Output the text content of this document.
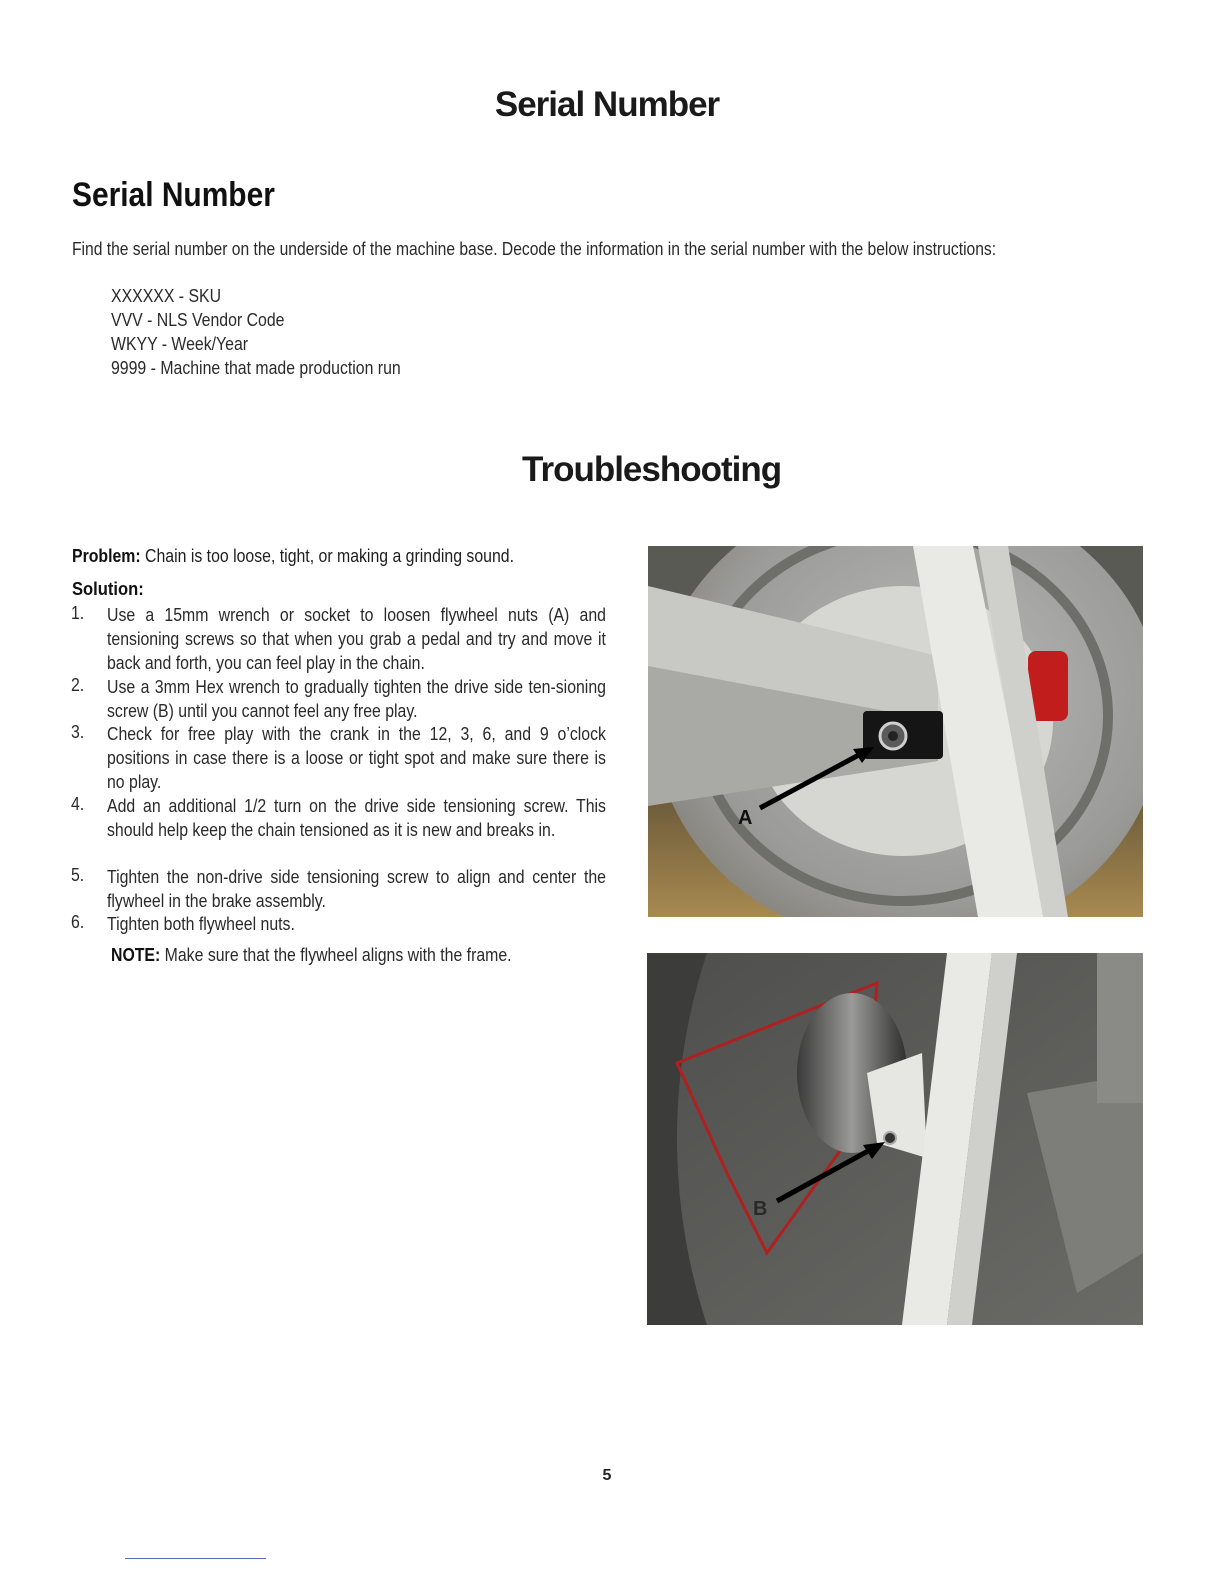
Serial Number
Serial Number
Find the serial number on the underside of the machine base. Decode the information in the serial number with the below instructions:
XXXXXX - SKU
VVV - NLS Vendor Code
WKYY - Week/Year
9999 - Machine that made production run
Troubleshooting
Problem: Chain is too loose, tight, or making a grinding sound.
Solution:
1. Use a 15mm wrench or socket to loosen flywheel nuts (A) and tensioning screws so that when you grab a pedal and try and move it back and forth, you can feel play in the chain.
2. Use a 3mm Hex wrench to gradually tighten the drive side ten-sioning screw (B) until you cannot feel any free play.
3. Check for free play with the crank in the 12, 3, 6, and 9 o’clock positions in case there is a loose or tight spot and make sure there is no play.
4. Add an additional 1/2 turn on the drive side tensioning screw. This should help keep the chain tensioned as it is new and breaks in.
5. Tighten the non-drive side tensioning screw to align and center the flywheel in the brake assembly.
6. Tighten both flywheel nuts.
NOTE: Make sure that the flywheel aligns with the frame.
A
B
5
